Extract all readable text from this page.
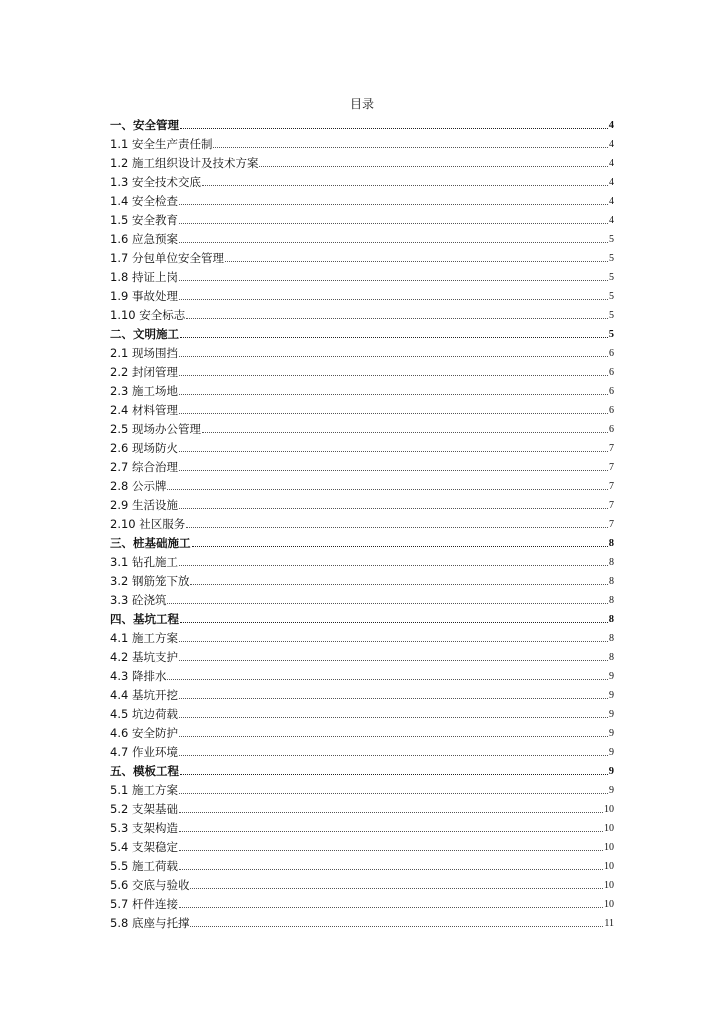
目录
一、安全管理	4
1.1 安全生产责任制	4
1.2 施工组织设计及技术方案	4
1.3 安全技术交底	4
1.4 安全检查	4
1.5 安全教育	4
1.6 应急预案	5
1.7 分包单位安全管理	5
1.8 持证上岗	5
1.9 事故处理	5
1.10 安全标志	5
二、文明施工	5
2.1 现场围挡	6
2.2 封闭管理	6
2.3 施工场地	6
2.4 材料管理	6
2.5 现场办公管理	6
2.6 现场防火	7
2.7 综合治理	7
2.8 公示牌	7
2.9 生活设施	7
2.10 社区服务	7
三、桩基础施工	8
3.1 钻孔施工	8
3.2 钢筋笼下放	8
3.3 砼浇筑	8
四、基坑工程	8
4.1 施工方案	8
4.2 基坑支护	8
4.3 降排水	9
4.4 基坑开挖	9
4.5 坑边荷载	9
4.6 安全防护	9
4.7 作业环境	9
五、模板工程	9
5.1 施工方案	9
5.2 支架基础	10
5.3 支架构造	10
5.4 支架稳定	10
5.5 施工荷载	10
5.6 交底与验收	10
5.7 杆件连接	10
5.8 底座与托撑	11
